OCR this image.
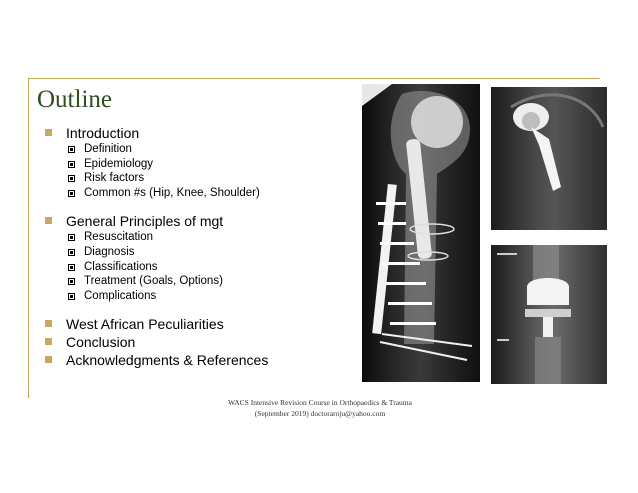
Outline
Introduction
Definition
Epidemiology
Risk factors
Common #s (Hip, Knee, Shoulder)
General Principles of mgt
Resuscitation
Diagnosis
Classifications
Treatment (Goals, Options)
Complications
West African Peculiarities
Conclusion
Acknowledgments & References
WACS Intensive Revision Course in Orthopaedics & Trauma
(September 2019) doctoraroju@yahoo.com
